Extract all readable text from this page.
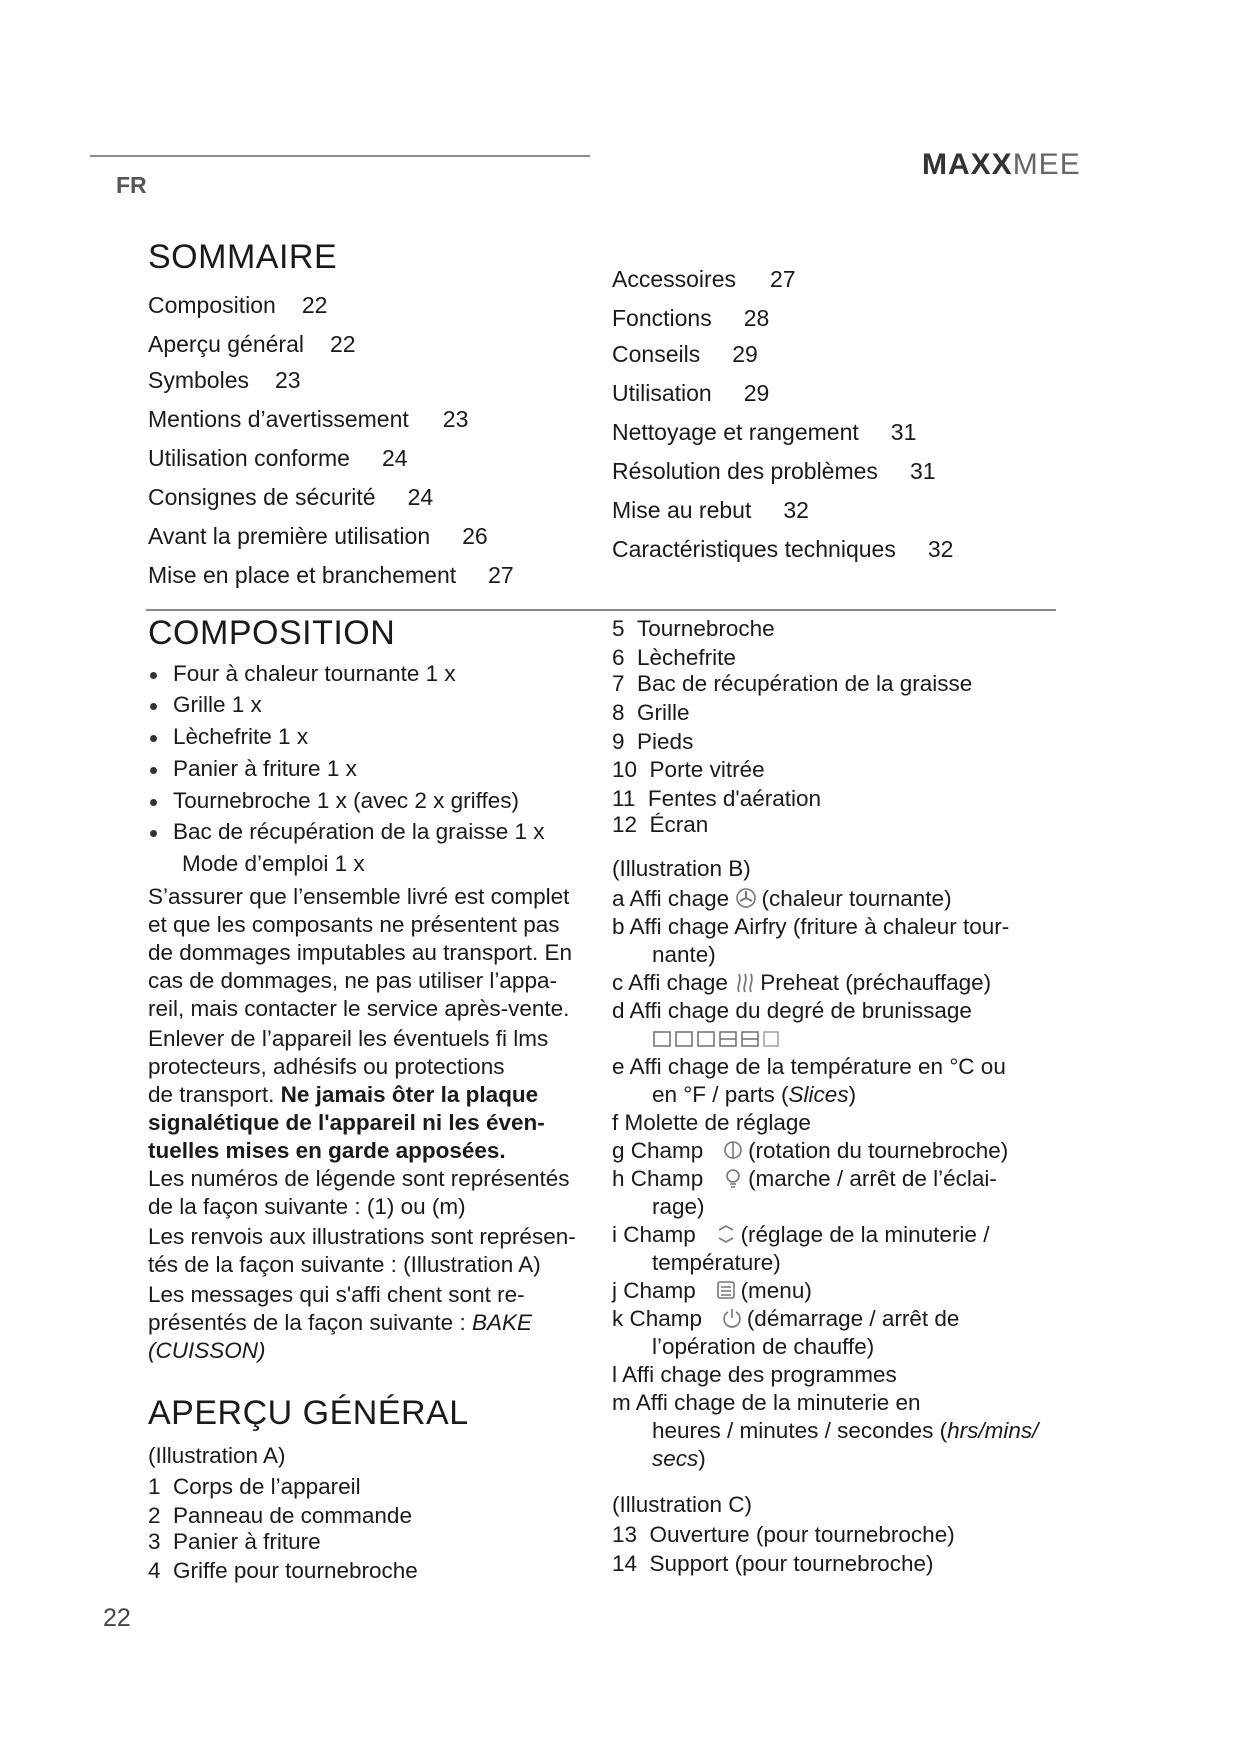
FR
MAXXMEE
SOMMAIRE
Composition 22
Aperçu général 22
Symboles 23
Mentions d’avertissement 23
Utilisation conforme 24
Consignes de sécurité 24
Avant la première utilisation 26
Mise en place et branchement 27
Accessoires 27
Fonctions 28
Conseils 29
Utilisation 29
Nettoyage et rangement 31
Résolution des problèmes 31
Mise au rebut 32
Caractéristiques techniques 32
COMPOSITION
Four à chaleur tournante 1 x
Grille 1 x
Lèchefrite 1 x
Panier à friture 1 x
Tournebroche 1 x (avec 2 x griffes)
Bac de récupération de la graisse 1 x
Mode d’emploi 1 x
S’assurer que l’ensemble livré est complet
et que les composants ne présentent pas
de dommages imputables au transport. En
cas de dommages, ne pas utiliser l’appa-
reil, mais contacter le service après-vente.
Enlever de l’appareil les éventuels fi lms
protecteurs, adhésifs ou protections
de transport. Ne jamais ôter la plaque
signalétique de l'appareil ni les éven-
tuelles mises en garde apposées.
Les numéros de légende sont représentés
de la façon suivante : (1) ou (m)
Les renvois aux illustrations sont représen-
tés de la façon suivante : (Illustration A)
Les messages qui s'affi chent sont re-
présentés de la façon suivante : BAKE
(CUISSON)
APERÇU GÉNÉRAL
(Illustration A)
1 Corps de l’appareil
2 Panneau de commande
3 Panier à friture
4 Griffe pour tournebroche
5 Tournebroche
6 Lèchefrite
7 Bac de récupération de la graisse
8 Grille
9 Pieds
10 Porte vitrée
11 Fentes d'aération
12 Écran
(Illustration B)
a Affi chage (chaleur tournante)
b Affi chage Airfry (friture à chaleur tour-
nante)
c Affi chage Preheat (préchauffage)
d Affi chage du degré de brunissage
e Affi chage de la température en °C ou
en °F / parts (Slices)
f Molette de réglage
g Champ (rotation du tournebroche)
h Champ (marche / arrêt de l’éclai-
rage)
i Champ (réglage de la minuterie /
température)
j Champ (menu)
k Champ (démarrage / arrêt de
l’opération de chauffe)
l Affi chage des programmes
m Affi chage de la minuterie en
heures / minutes / secondes (hrs/mins/
secs)
(Illustration C)
13 Ouverture (pour tournebroche)
14 Support (pour tournebroche)
22
